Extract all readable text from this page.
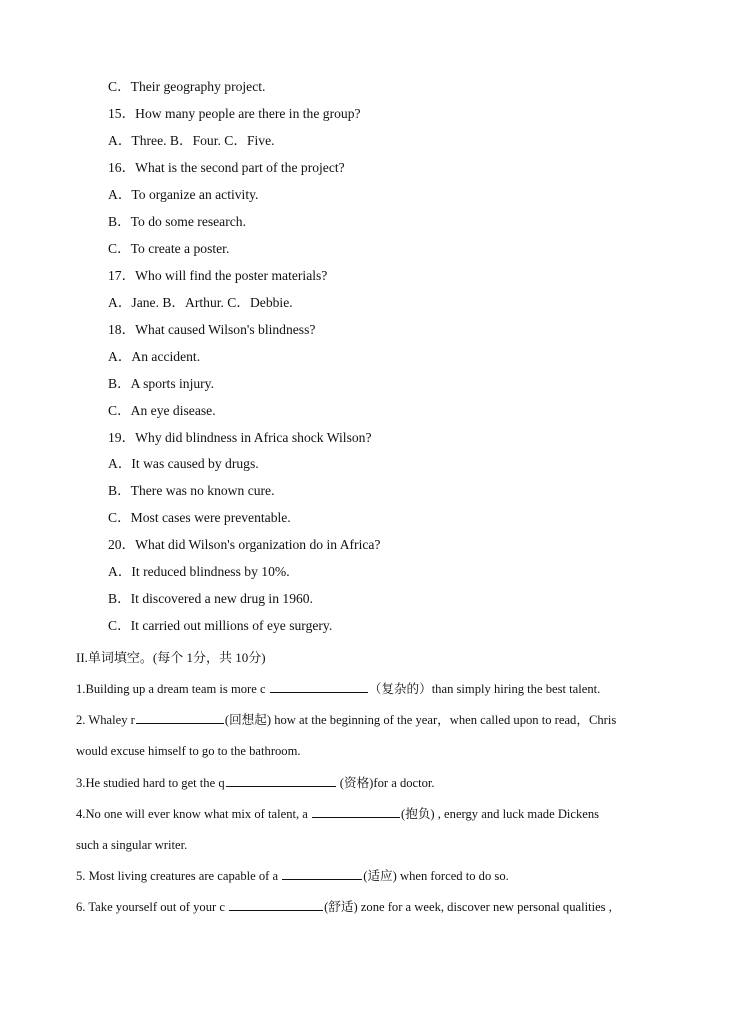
C．Their geography project.
15．How many people are there in the group?
A．Three. B．Four. C．Five.
16．What is the second part of the project?
A．To organize an activity.
B．To do some research.
C．To create a poster.
17．Who will find the poster materials?
A．Jane. B．Arthur. C．Debbie.
18．What caused Wilson's blindness?
A．An accident.
B．A sports injury.
C．An eye disease.
19．Why did blindness in Africa shock Wilson?
A．It was caused by drugs.
B．There was no known cure.
C．Most cases were preventable.
20．What did Wilson's organization do in Africa?
A．It reduced blindness by 10%.
B．It discovered a new drug in 1960.
C．It carried out millions of eye surgery.
II.单词填空。(每个 1分，共 10分)
1.Building up a dream team is more c	（复杂的）than simply hiring the best talent.
2. Whaley r	(回想起) how at the beginning of the year，when called upon to read，Chris
would excuse himself to go to the bathroom.
3.He studied hard to get the q	(资格)for a doctor.
4.No one will ever know what mix of talent, a	(抱负) , energy and luck made Dickens
such a singular writer.
5. Most living creatures are capable of a	(适应) when forced to do so.
6. Take yourself out of your c	(舒适) zone for a week, discover new personal qualities ,
